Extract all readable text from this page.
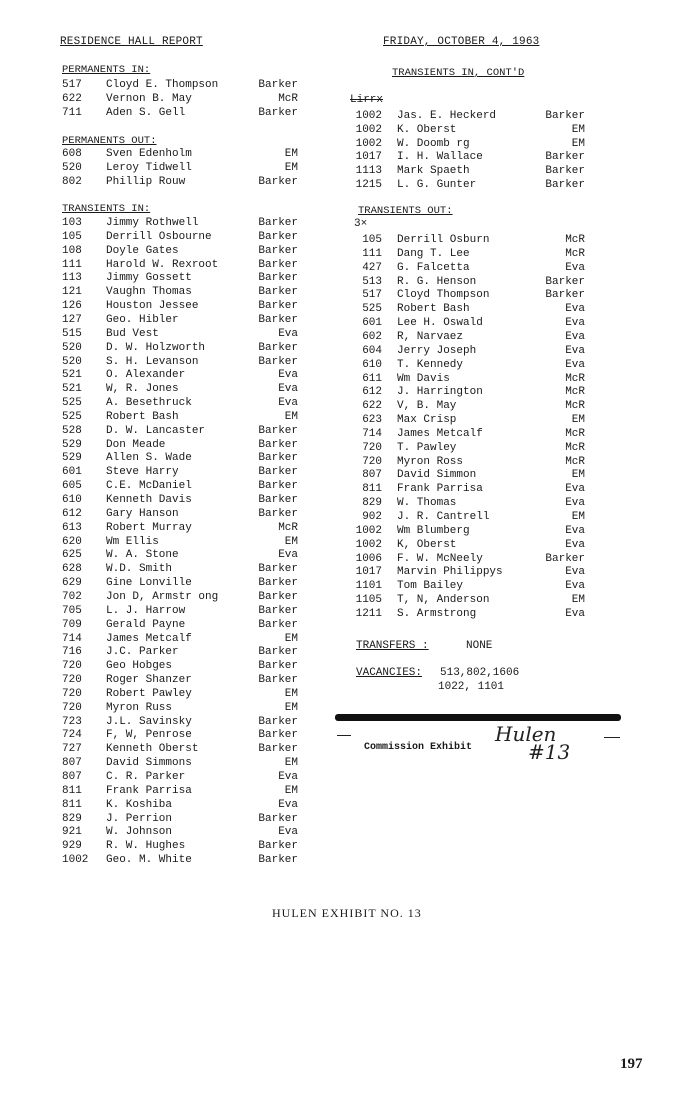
RESIDENCE HALL REPORT	FRIDAY, OCTOBER 4, 1963
PERMANENTS IN:
517 Cloyd E. Thompson	Barker
622 Vernon B. May	McR
711 Aden S. Gell	Barker
PERMANENTS OUT:
608 Sven Edenholm	EM
520 Leroy Tidwell	EM
802 Phillip Rouw	Barker
TRANSIENTS IN:
103 Jimmy Rothwell	Barker
105 Derrill Osbourne	Barker
108 Doyle Gates	Barker
111 Harold W. Rexroot	Barker
113 Jimmy Gossett	Barker
121 Vaughn Thomas	Barker
126 Houston Jessee	Barker
127 Geo. Hibler	Barker
515 Bud Vest	Eva
520 D. W. Holzworth	Barker
520 S. H. Levanson	Barker
521 O. Alexander	Eva
521 W, R. Jones	Eva
525 A. Besethruck	Eva
525 Robert Bash	EM
528 D. W. Lancaster	Barker
529 Don Meade	Barker
529 Allen S. Wade	Barker
601 Steve Harry	Barker
605 C.E. McDaniel	Barker
610 Kenneth Davis	Barker
612 Gary Hanson	Barker
613 Robert Murray	McR
620 Wm Ellis	EM
625 W. A. Stone	Eva
628 W.D. Smith	Barker
629 Gine Lonville	Barker
702 Jon D, Armstr ong	Barker
705 L. J. Harrow	Barker
709 Gerald Payne	Barker
714 James Metcalf	EM
716 J.C. Parker	Barker
720 Geo Hobges	Barker
720 Roger Shanzer	Barker
720 Robert Pawley	EM
720 Myron Russ	EM
723 J.L. Savinsky	Barker
724 F, W, Penrose	Barker
727 Kenneth Oberst	Barker
807 David Simmons	EM
807 C. R. Parker	Eva
811 Frank Parrisa	EM
811 K. Koshiba	Eva
829 J. Perrion	Barker
921 W. Johnson	Eva
929 R. W. Hughes	Barker
1002 Geo. M. White	Barker
TRANSIENTS IN, CONT'D
Lirrx
1002 Jas. E. Heckerd	Barker
1002 K. Oberst	EM
1002 W. Doomb rg	EM
1017 I. H. Wallace	Barker
1113 Mark Spaeth	Barker
1215 L. G. Gunter	Barker
TRANSIENTS OUT:
3×
105 Derrill Osburn	McR
111 Dang T. Lee	McR
427 G. Falcetta	Eva
513 R. G. Henson	Barker
517 Cloyd Thompson	Barker
525 Robert Bash	Eva
601 Lee H. Oswald	Eva
602 R, Narvaez	Eva
604 Jerry Joseph	Eva
610 T. Kennedy	Eva
611 Wm Davis	McR
612 J. Harrington	McR
622 V, B. May	McR
623 Max Crisp	EM
714 James Metcalf	McR
720 T. Pawley	McR
720 Myron Ross	McR
807 David Simmon	EM
811 Frank Parrisa	Eva
829 W. Thomas	Eva
902 J. R. Cantrell	EM
1002 Wm Blumberg	Eva
1002 K, Oberst	Eva
1006 F. W. McNeely	Barker
1017 Marvin Philippys	Eva
1101 Tom Bailey	Eva
1105 T, N, Anderson	EM
1211 S. Armstrong	Eva
TRANSFERS :	NONE
VACANCIES: 513,802,1606
1022, 1101
Commission Exhibit
Hulen
#13
HULEN EXHIBIT NO. 13
197
